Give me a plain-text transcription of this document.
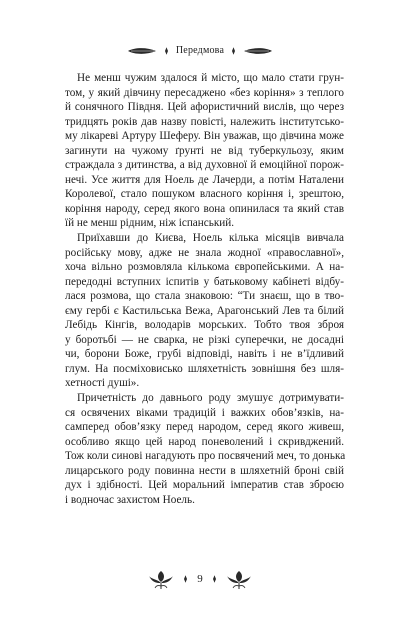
Передмова

Не менш чужим здалося й місто, що мало стати грун-
том, у який дівчину пересаджено «без коріння» з теплого
й сонячного Півдня. Цей афористичний вислів, що через
тридцять років дав назву повісті, належить інститутсько-
му лікареві Артуру Шеферу. Він уважав, що дівчина може
загинути на чужому ґрунті не від туберкульозу, яким
страждала з дитинства, а від духовної й емоційної порож-
нечі. Усе життя для Ноель де Лачерди, а потім Наталени
Королевої, стало пошуком власного коріння і, зрештою,
коріння народу, серед якого вона опинилася та який став
їй не менш рідним, ніж іспанський.

Приїхавши до Києва, Ноель кілька місяців вивчала
російську мову, адже не знала жодної «православної»,
хоча вільно розмовляла кількома європейськими. А на-
передодні вступних іспитів у батьковому кабінеті відбу-
лася розмова, що стала знаковою: “Ти знаєш, що в тво-
єму гербі є Кастильська Вежа, Арагонський Лев та білий
Лебідь Кінгів, володарів морських. Тобто твоя зброя
у боротьбі — не сварка, не різкі суперечки, не досадні
чи, борони Боже, грубі відповіді, навіть і не в’їдливий
глум. На посміховисько шляхетність зовнішня без шля-
хетності душі».

Причетність до давнього роду змушує дотримувати-
ся освячених віками традицій і важких обов’язків, на-
самперед обов’язку перед народом, серед якого живеш,
особливо якщо цей народ поневолений і скривджений.
Тож коли синові нагадують про посвячений меч, то донька
лицарського роду повинна нести в шляхетній броні свій
дух і здібності. Цей моральний імператив став зброєю
і водночас захистом Ноель.

9
